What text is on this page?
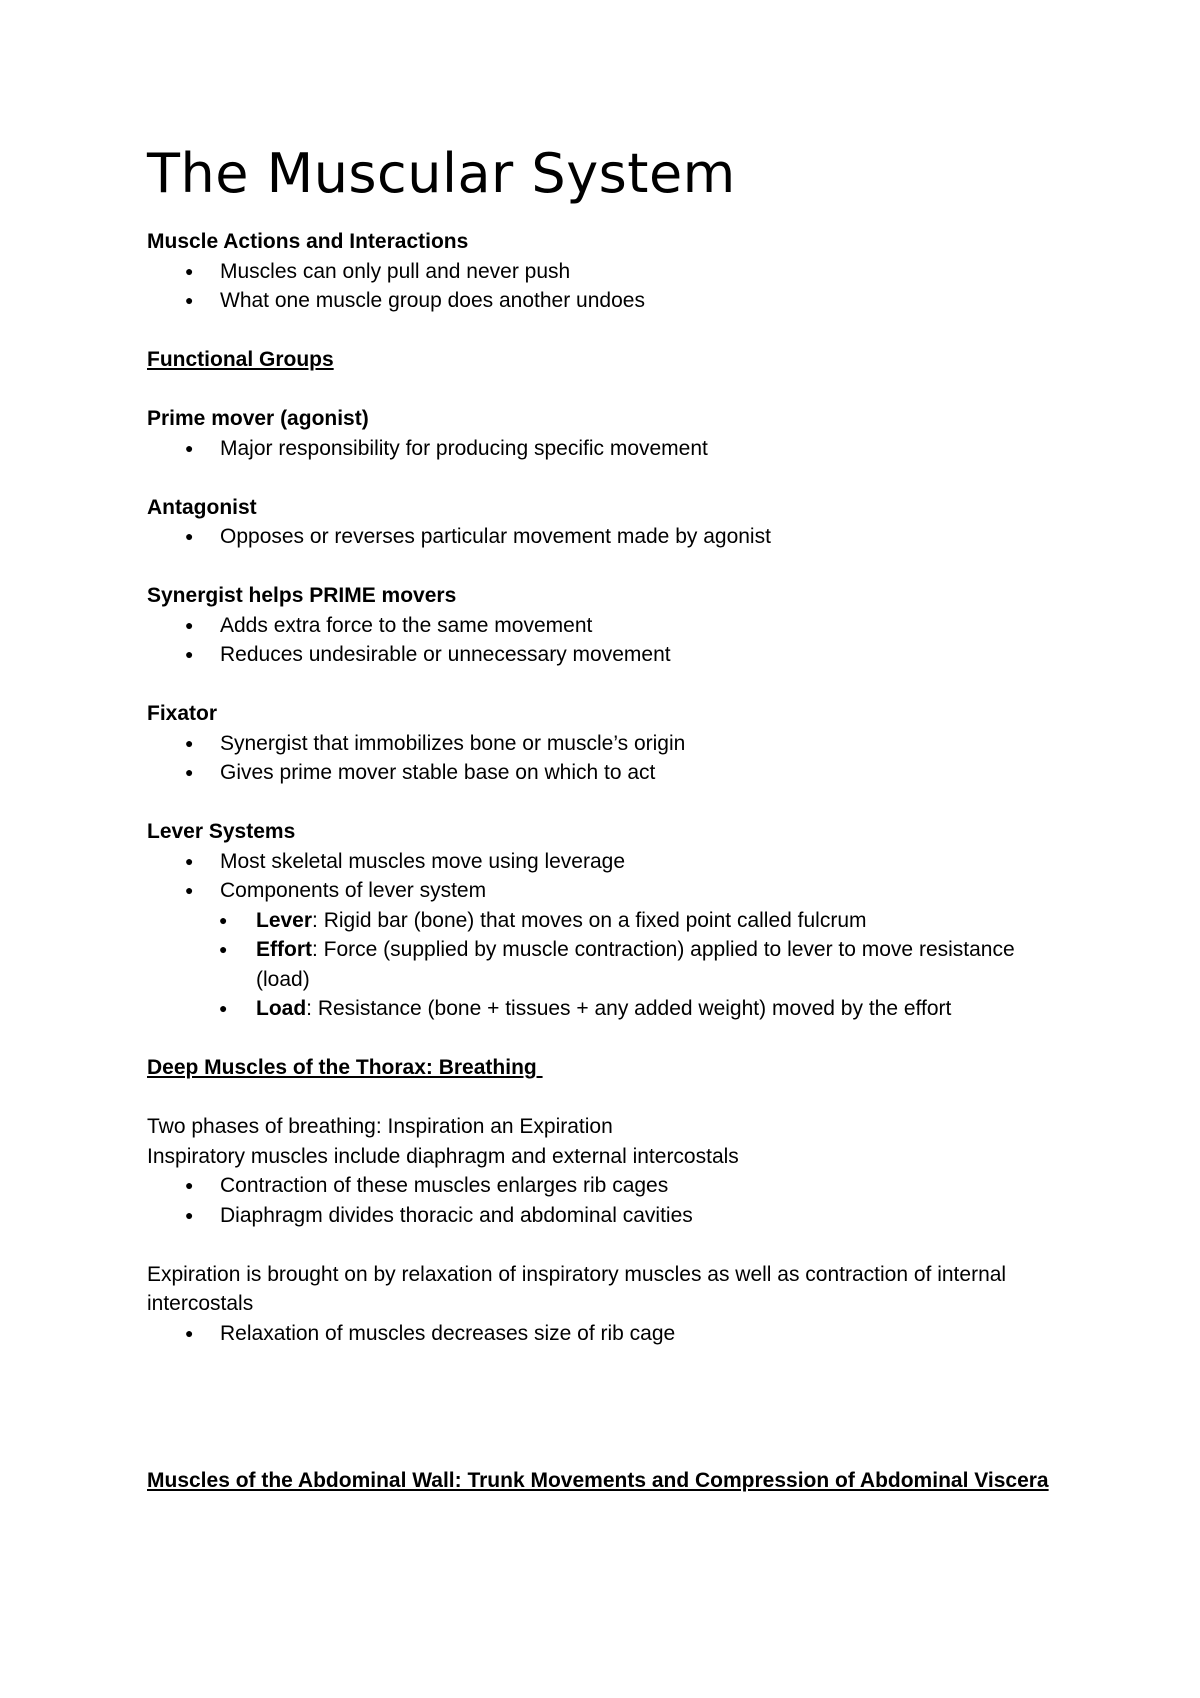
The Muscular System

Muscle Actions and Interactions

● Muscles can only pull and never push
● What one muscle group does another undoes

Functional Groups

Prime mover (agonist)

● Major responsibility for producing specific movement

Antagonist

● Opposes or reverses particular movement made by agonist

Synergist helps PRIME movers

● Adds extra force to the same movement
● Reduces undesirable or unnecessary movement

Fixator

● Synergist that immobilizes bone or muscle’s origin
● Gives prime mover stable base on which to act

Lever Systems

● Most skeletal muscles move using leverage
● Components of lever system
● Lever: Rigid bar (bone) that moves on a fixed point called fulcrum
● Effort: Force (supplied by muscle contraction) applied to lever to move resistance (load)
● Load: Resistance (bone + tissues + any added weight) moved by the effort

Deep Muscles of the Thorax: Breathing

Two phases of breathing: Inspiration an Expiration

Inspiratory muscles include diaphragm and external intercostals

● Contraction of these muscles enlarges rib cages
● Diaphragm divides thoracic and abdominal cavities

Expiration is brought on by relaxation of inspiratory muscles as well as contraction of internal intercostals

● Relaxation of muscles decreases size of rib cage

Muscles of the Abdominal Wall: Trunk Movements and Compression of Abdominal Viscera
